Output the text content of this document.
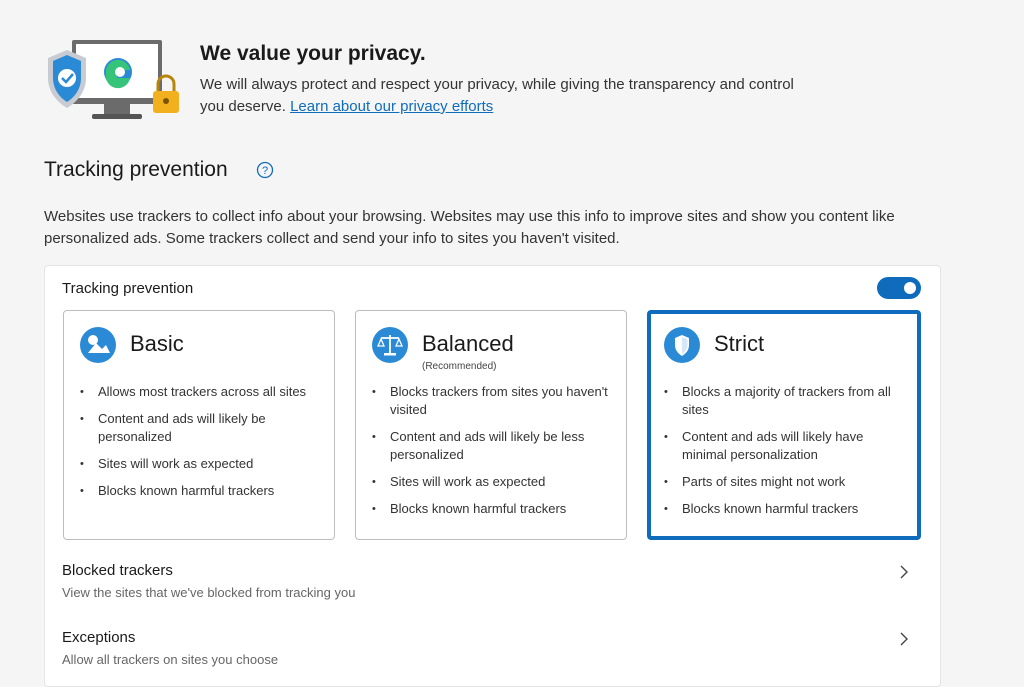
We value your privacy.
We will always protect and respect your privacy, while giving the transparency and control you deserve. Learn about our privacy efforts
Tracking prevention	?
Websites use trackers to collect info about your browsing. Websites may use this info to improve sites and show you content like personalized ads. Some trackers collect and send your info to sites you haven't visited.
Tracking prevention
Basic
• Allows most trackers across all sites
• Content and ads will likely be personalized
• Sites will work as expected
• Blocks known harmful trackers
Balanced
(Recommended)
• Blocks trackers from sites you haven't visited
• Content and ads will likely be less personalized
• Sites will work as expected
• Blocks known harmful trackers
Strict
• Blocks a majority of trackers from all sites
• Content and ads will likely have minimal personalization
• Parts of sites might not work
• Blocks known harmful trackers
Blocked trackers
View the sites that we've blocked from tracking you
Exceptions
Allow all trackers on sites you choose
